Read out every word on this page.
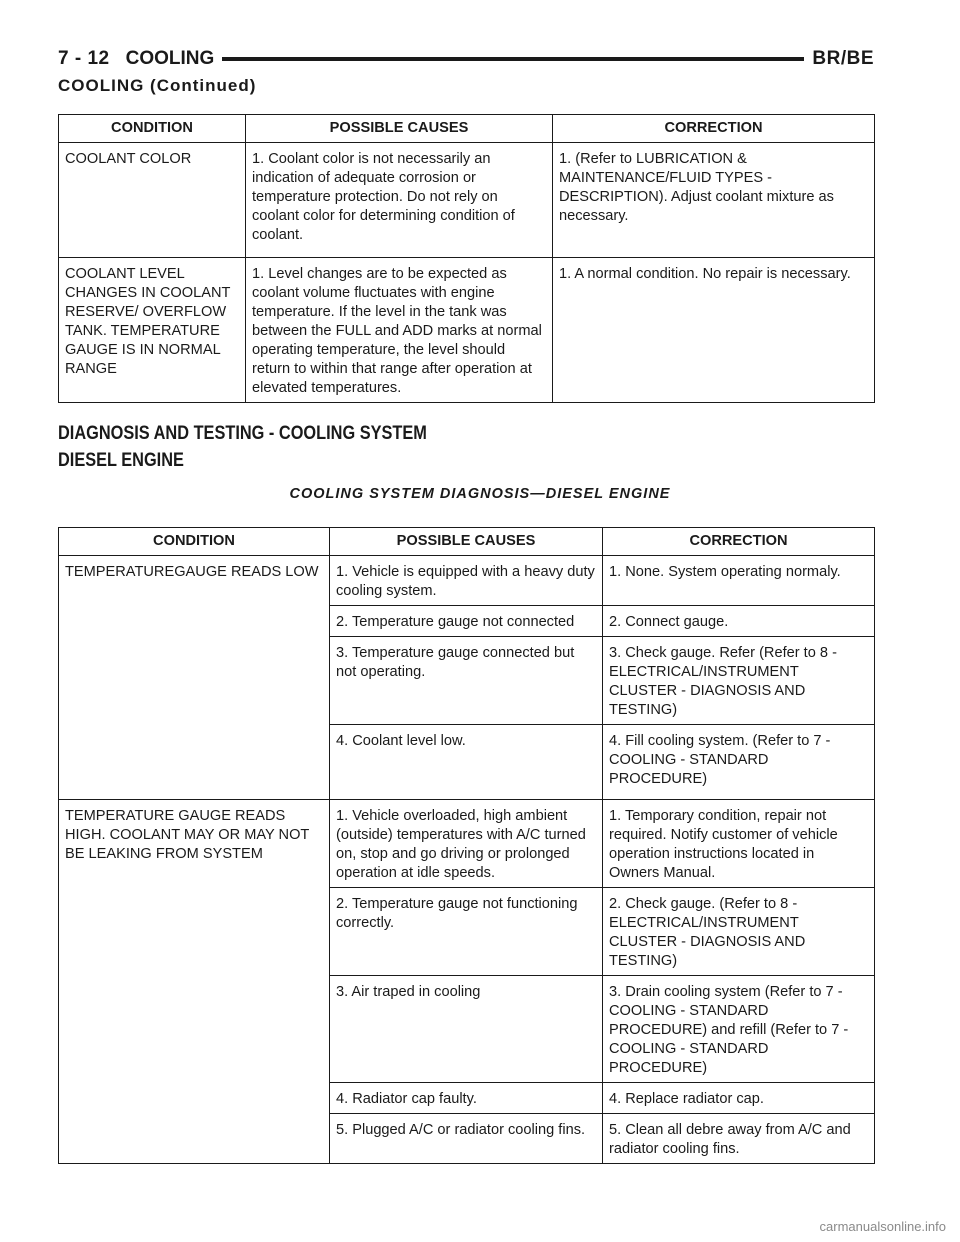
7 - 12 COOLING	BR/BE
COOLING (Continued)
CONDITION	POSSIBLE CAUSES	CORRECTION
COOLANT COLOR	1. Coolant color is not necessarily an indication of adequate corrosion or temperature protection. Do not rely on coolant color for determining condition of coolant.	1. (Refer to LUBRICATION & MAINTENANCE/FLUID TYPES - DESCRIPTION). Adjust coolant mixture as necessary.
COOLANT LEVEL CHANGES IN COOLANT RESERVE/ OVERFLOW TANK. TEMPERATURE GAUGE IS IN NORMAL RANGE	1. Level changes are to be expected as coolant volume fluctuates with engine temperature. If the level in the tank was between the FULL and ADD marks at normal operating temperature, the level should return to within that range after operation at elevated temperatures.	1. A normal condition. No repair is necessary.
DIAGNOSIS AND TESTING - COOLING SYSTEM
DIESEL ENGINE
COOLING SYSTEM DIAGNOSIS—DIESEL ENGINE
CONDITION	POSSIBLE CAUSES	CORRECTION
TEMPERATUREGAUGE READS LOW	1. Vehicle is equipped with a heavy duty cooling system.	1. None. System operating normaly.
	2. Temperature gauge not connected	2. Connect gauge.
	3. Temperature gauge connected but not operating.	3. Check gauge. Refer (Refer to 8 - ELECTRICAL/INSTRUMENT CLUSTER - DIAGNOSIS AND TESTING)
	4. Coolant level low.	4. Fill cooling system. (Refer to 7 - COOLING - STANDARD PROCEDURE)
TEMPERATURE GAUGE READS HIGH. COOLANT MAY OR MAY NOT BE LEAKING FROM SYSTEM	1. Vehicle overloaded, high ambient (outside) temperatures with A/C turned on, stop and go driving or prolonged operation at idle speeds.	1. Temporary condition, repair not required. Notify customer of vehicle operation instructions located in Owners Manual.
	2. Temperature gauge not functioning correctly.	2. Check gauge. (Refer to 8 - ELECTRICAL/INSTRUMENT CLUSTER - DIAGNOSIS AND TESTING)
	3. Air traped in cooling	3. Drain cooling system (Refer to 7 - COOLING - STANDARD PROCEDURE) and refill (Refer to 7 - COOLING - STANDARD PROCEDURE)
	4. Radiator cap faulty.	4. Replace radiator cap.
	5. Plugged A/C or radiator cooling fins.	5. Clean all debre away from A/C and radiator cooling fins.
carmanualsonline.info
